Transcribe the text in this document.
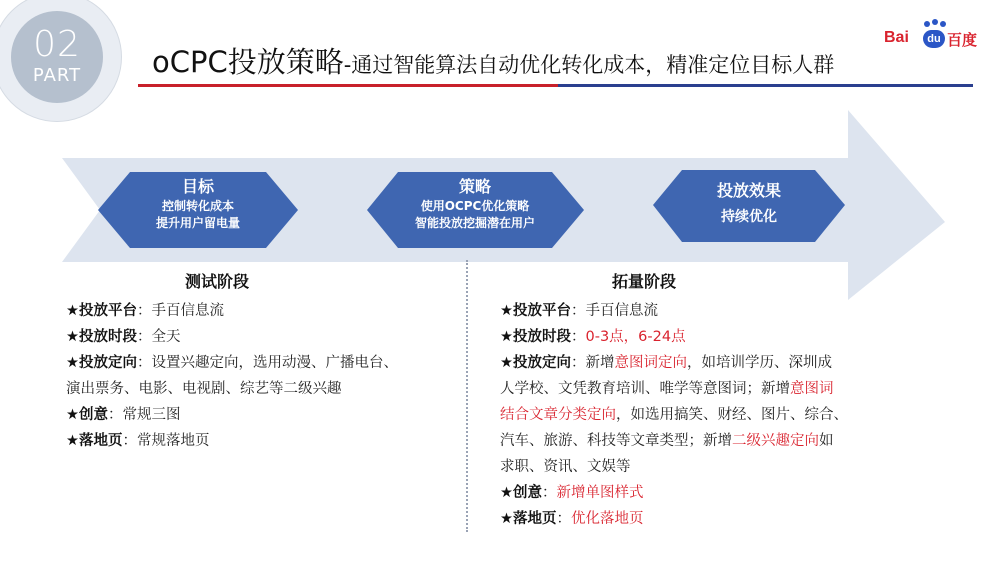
02
PART oCPC投放策略-通过智能算法自动优化转化成本，精准定位目标人群
Bai	du 百度
目标
控制转化成本
提升用户留电量
策略
使用OCPC优化策略
智能投放挖掘潜在用户
投放效果
持续优化
测试阶段
★投放平台：手百信息流
★投放时段：全天
★投放定向：设置兴趣定向，选用动漫、广播电台、
演出票务、电影、电视剧、综艺等二级兴趣
★创意：常规三图
★落地页：常规落地页
拓量阶段
★投放平台：手百信息流
★投放时段：0-3点，6-24点
★投放定向：新增意图词定向，如培训学历、深圳成
人学校、文凭教育培训、唯学等意图词；新增意图词
结合文章分类定向，如选用搞笑、财经、图片、综合、
汽车、旅游、科技等文章类型；新增二级兴趣定向如
求职、资讯、文娱等
★创意：新增单图样式
★落地页：优化落地页
